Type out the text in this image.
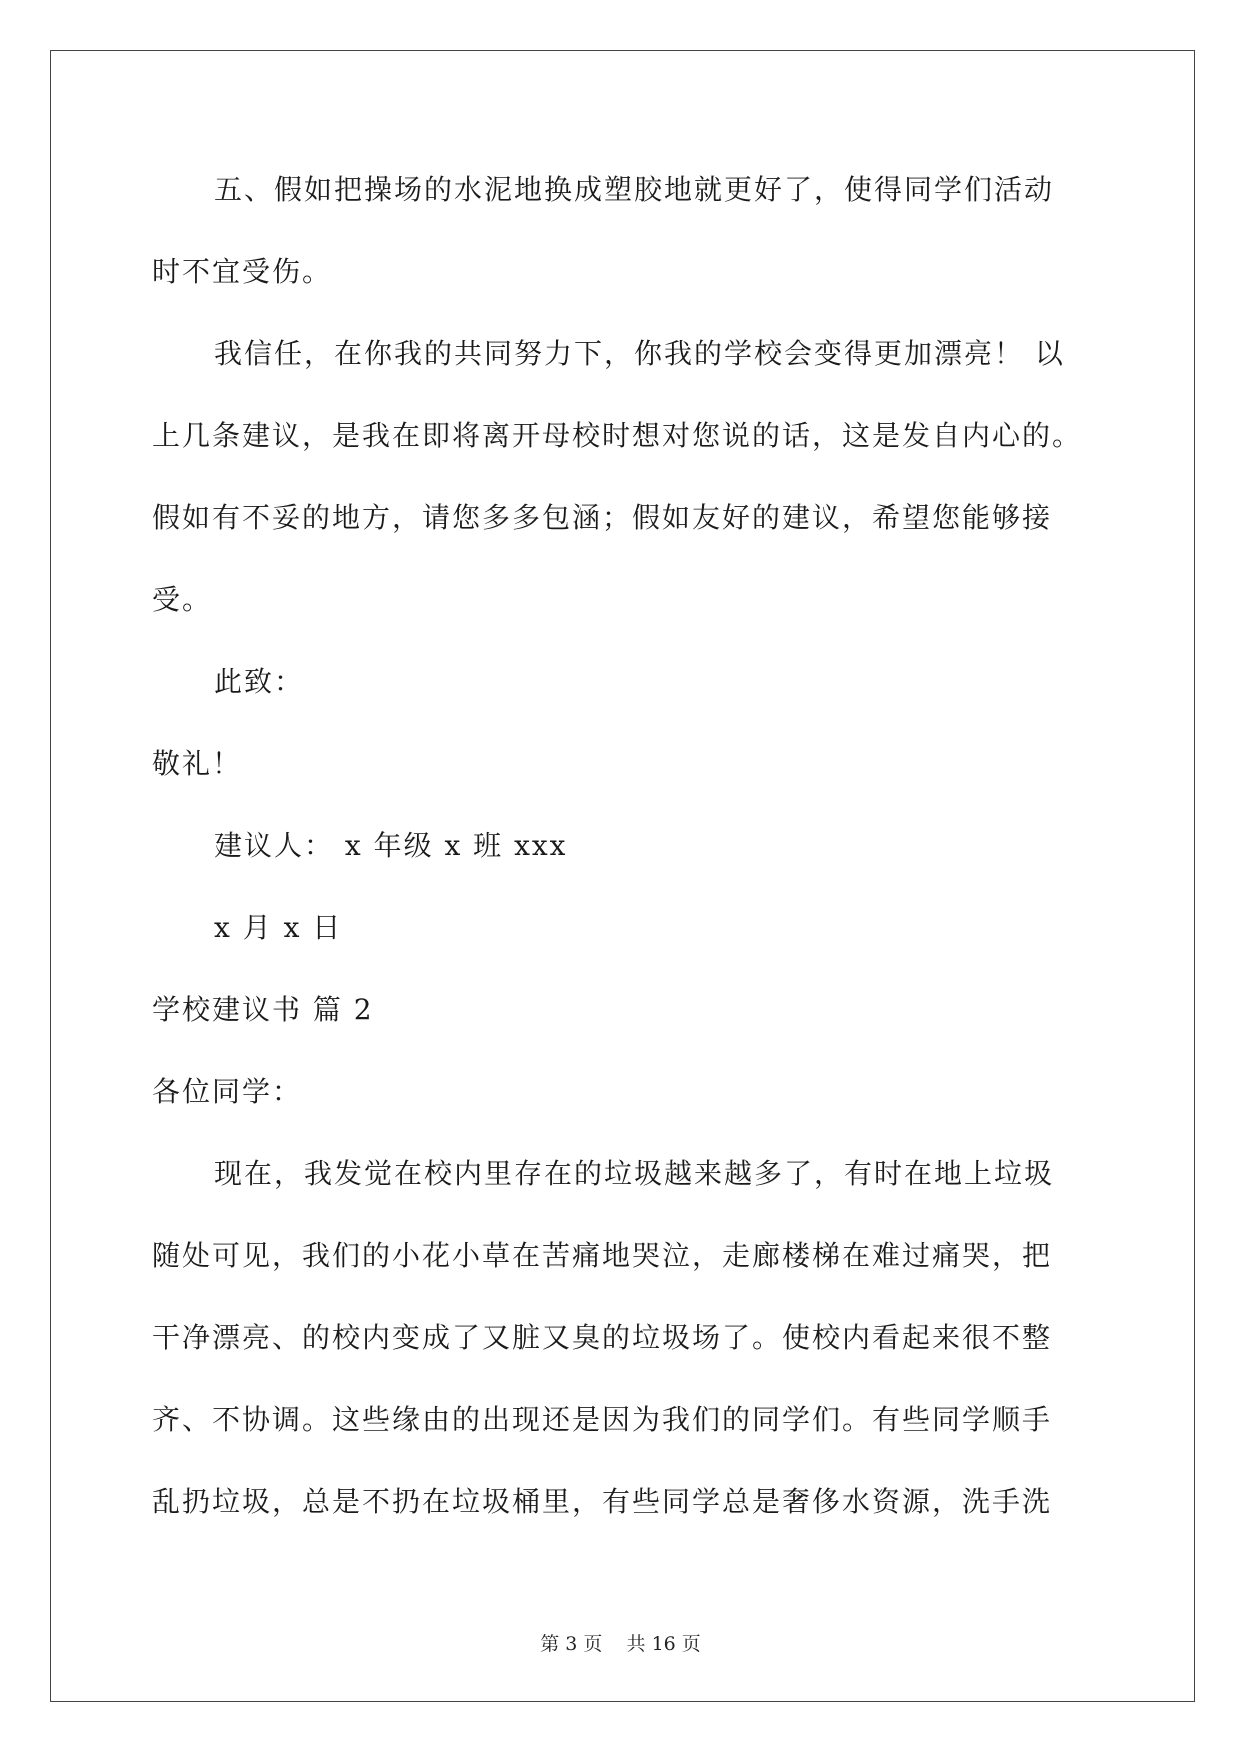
五、假如把操场的水泥地换成塑胶地就更好了，使得同学们活动
时不宜受伤。
我信任，在你我的共同努力下，你我的学校会变得更加漂亮！ 以
上几条建议，是我在即将离开母校时想对您说的话，这是发自内心的。
假如有不妥的地方，请您多多包涵；假如友好的建议，希望您能够接
受。
此致：
敬礼！
建议人： x 年级 x 班 xxx
x 月 x 日
学校建议书 篇 2
各位同学：
现在，我发觉在校内里存在的垃圾越来越多了，有时在地上垃圾
随处可见，我们的小花小草在苦痛地哭泣，走廊楼梯在难过痛哭，把
干净漂亮、的校内变成了又脏又臭的垃圾场了。使校内看起来很不整
齐、不协调。这些缘由的出现还是因为我们的同学们。有些同学顺手
乱扔垃圾，总是不扔在垃圾桶里，有些同学总是奢侈水资源，洗手洗
第 3 页 共 16 页
